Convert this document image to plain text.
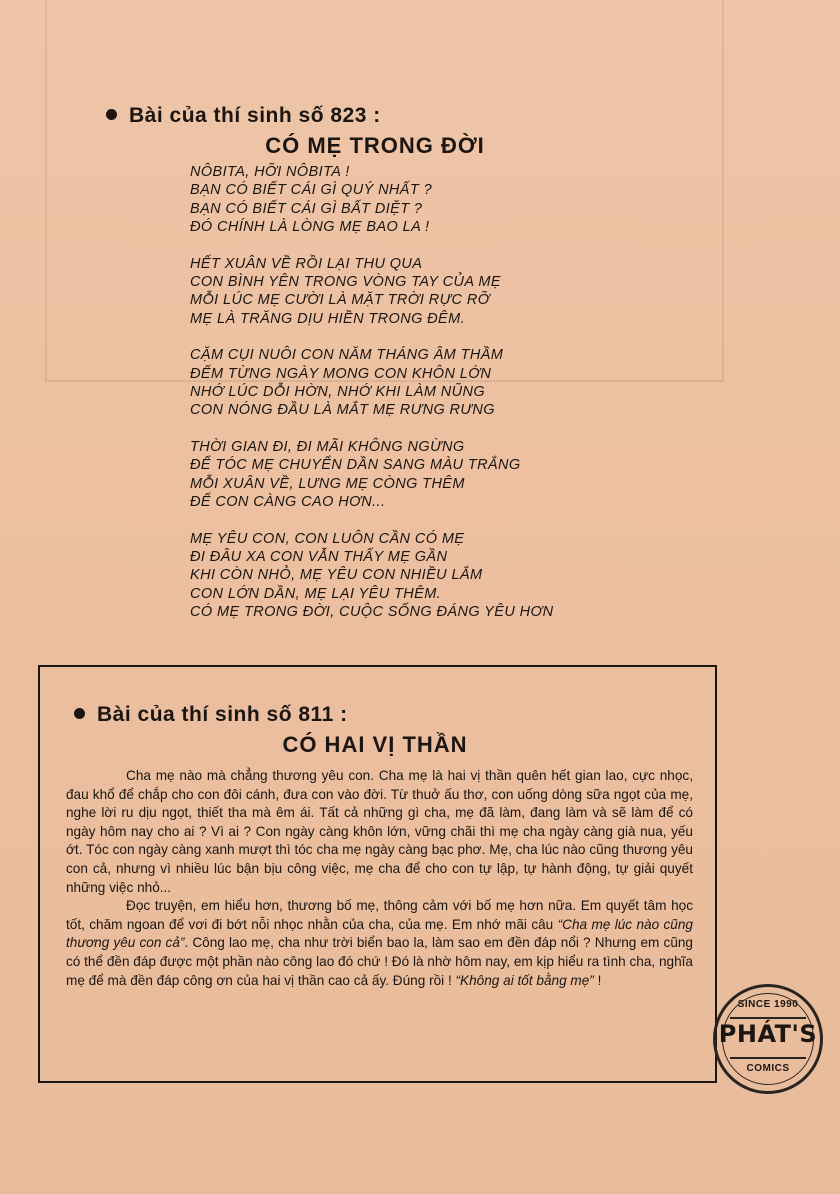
Bài của thí sinh số 823 :
CÓ MẸ TRONG ĐỜI
NÔBITA, HỠI NÔBITA !
BẠN CÓ BIẾT CÁI GÌ QUÝ NHẤT ?
BẠN CÓ BIẾT CÁI GÌ BẤT DIỆT ?
ĐÓ CHÍNH LÀ LÒNG MẸ BAO LA !
HẾT XUÂN VỀ RỒI LẠI THU QUA
CON BÌNH YÊN TRONG VÒNG TAY CỦA MẸ
MỖI LÚC MẸ CƯỜI LÀ MẶT TRỜI RỰC RỠ
MẸ LÀ TRĂNG DỊU HIỀN TRONG ĐÊM.
CẶM CỤI NUÔI CON NĂM THÁNG ÂM THẦM
ĐẾM TỪNG NGÀY MONG CON KHÔN LỚN
NHỚ LÚC DỖI HỜN, NHỚ KHI LÀM NŨNG
CON NÓNG ĐẦU LÀ MẮT MẸ RƯNG RƯNG
THỜI GIAN ĐI, ĐI MÃI KHÔNG NGỪNG
ĐỂ TÓC MẸ CHUYỂN DẦN SANG MÀU TRẮNG
MỖI XUÂN VỀ, LƯNG MẸ CÒNG THÊM
ĐỂ CON CÀNG CAO HƠN...
MẸ YÊU CON, CON LUÔN CẦN CÓ MẸ
ĐI ĐÂU XA CON VẪN THẤY MẸ GẦN
KHI CÒN NHỎ, MẸ YÊU CON NHIỀU LẮM
CON LỚN DẦN, MẸ LẠI YÊU THÊM.
CÓ MẸ TRONG ĐỜI, CUỘC SỐNG ĐÁNG YÊU HƠN
Bài của thí sinh số 811 :
CÓ HAI VỊ THẦN

Cha mẹ nào mà chẳng thương yêu con. Cha mẹ là hai vị thần quên hết gian lao, cực nhọc, đau khổ để chắp cho con đôi cánh, đưa con vào đời. Từ thuở ấu thơ, con uống dòng sữa ngọt của mẹ, nghe lời ru dịu ngọt, thiết tha mà êm ái. Tất cả những gì cha, mẹ đã làm, đang làm và sẽ làm để có ngày hôm nay cho ai ? Vì ai ? Con ngày càng khôn lớn, vững chãi thì mẹ cha ngày càng già nua, yếu ớt. Tóc con ngày càng xanh mượt thì tóc cha mẹ ngày càng bạc phơ. Mẹ, cha lúc nào cũng thương yêu con cả, nhưng vì nhiều lúc bận bịu công việc, mẹ cha để cho con tự lập, tự hành động, tự giải quyết những việc nhỏ...

Đọc truyện, em hiểu hơn, thương bố mẹ, thông cảm với bố mẹ hơn nữa. Em quyết tâm học tốt, chăm ngoan để vơi đi bớt nỗi nhọc nhằn của cha, của mẹ. Em nhớ mãi câu “Cha mẹ lúc nào cũng thương yêu con cả”. Công lao mẹ, cha như trời biển bao la, làm sao em đền đáp nổi ? Nhưng em cũng có thể đền đáp được một phần nào công lao đó chứ ! Đó là nhờ hôm nay, em kịp hiểu ra tình cha, nghĩa mẹ để mà đền đáp công ơn của hai vị thần cao cả ấy. Đúng rồi ! “Không ai tốt bằng mẹ” !

SINCE 1990
PHÁT'S
COMICS
